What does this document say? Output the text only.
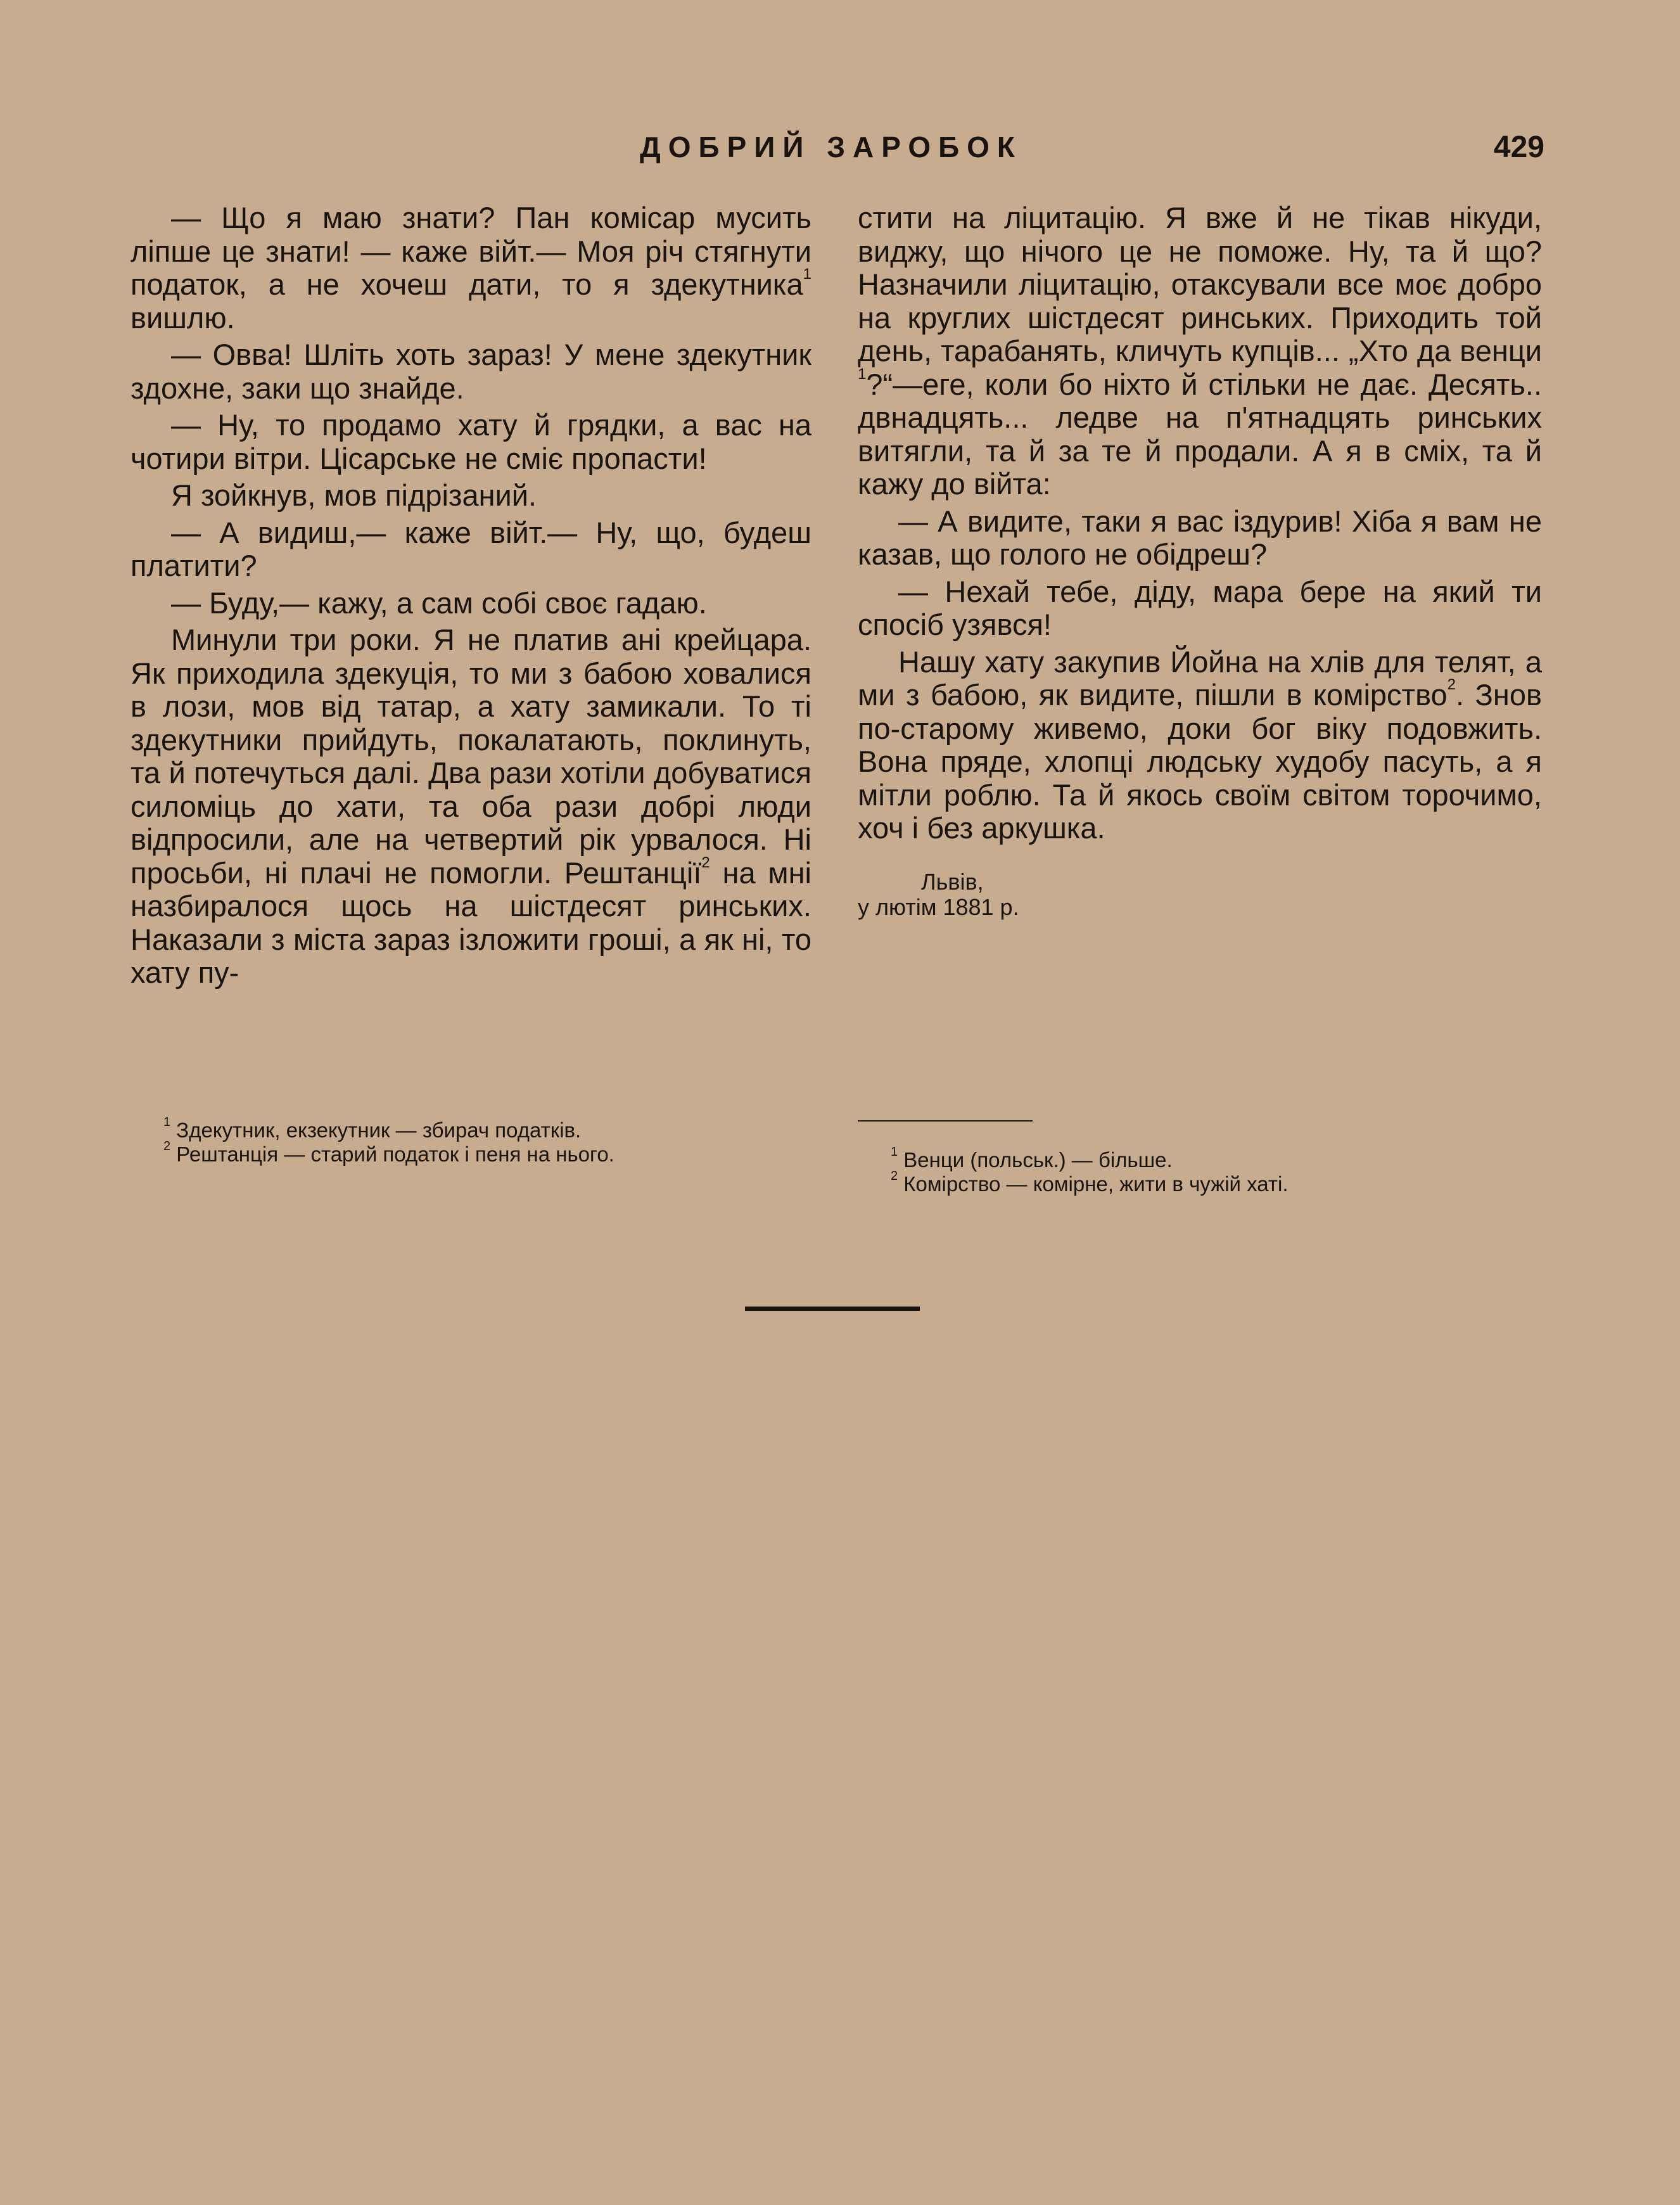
ДОБРИЙ ЗАРОБОК	429

— Що я маю знати? Пан комісар мусить ліпше це знати! — каже війт.— Моя річ стягнути податок, а не хочеш дати, то я здекутника$^1$ вишлю.

— Овва! Шліть хоть зараз! У мене здекутник здохне, заки що знайде.

— Ну, то продамо хату й грядки, а вас на чотири вітри. Цісарське не сміє пропасти!

Я зойкнув, мов підрізаний.

— А видиш,— каже війт.— Ну, що, будеш платити?

— Буду,— кажу, а сам собі своє гадаю.

Минули три роки. Я не платив ані крейцара. Як приходила здекуція, то ми з бабою ховалися в лози, мов від татар, а хату замикали. То ті здекутники прийдуть, покалатають, поклинуть, та й потечуться далі. Два рази хотіли добуватися силоміць до хати, та оба рази добрі люди відпросили, але на четвертий рік урвалося. Ні просьби, ні плачі не помогли. Рештанції$^2$ на мні назбиралося щось на шістдесят ринських. Наказали з міста зараз ізложити гроші, а як ні, то хату пу-

$^1$ Здекутник, екзекутник — збирач податків.

$^2$ Рештанція — старий податок і пеня на нього.

стити на ліцитацію. Я вже й не тікав нікуди, виджу, що нічого це не поможе. Ну, та й що? Назначили ліцитацію, отаксували все моє добро на круглих шістдесят ринських. Приходить той день, тарабанять, кличуть купців... „Хто да венци $^1$?“—еге, коли бо ніхто й стільки не дає. Десять.. двнадцять... ледве на п'ятнадцять ринських витягли, та й за те й продали. А я в сміх, та й кажу до війта:

— А видите, таки я вас іздурив! Хіба я вам не казав, що голого не обідреш?

— Нехай тебе, діду, мара бере на який ти спосіб узявся!

Нашу хату закупив Йойна на хлів для телят, а ми з бабою, як видите, пішли в комірство$^2$. Знов по-старому живемо, доки бог віку подовжить. Вона пряде, хлопці людську худобу пасуть, а я мітли роблю. Та й якось своїм світом торочимо, хоч і без аркушка.

Львів,
у лютім 1881 р.

$^1$ Венци (польськ.) — більше.

$^2$ Комірство — комірне, жити в чужій хаті.
